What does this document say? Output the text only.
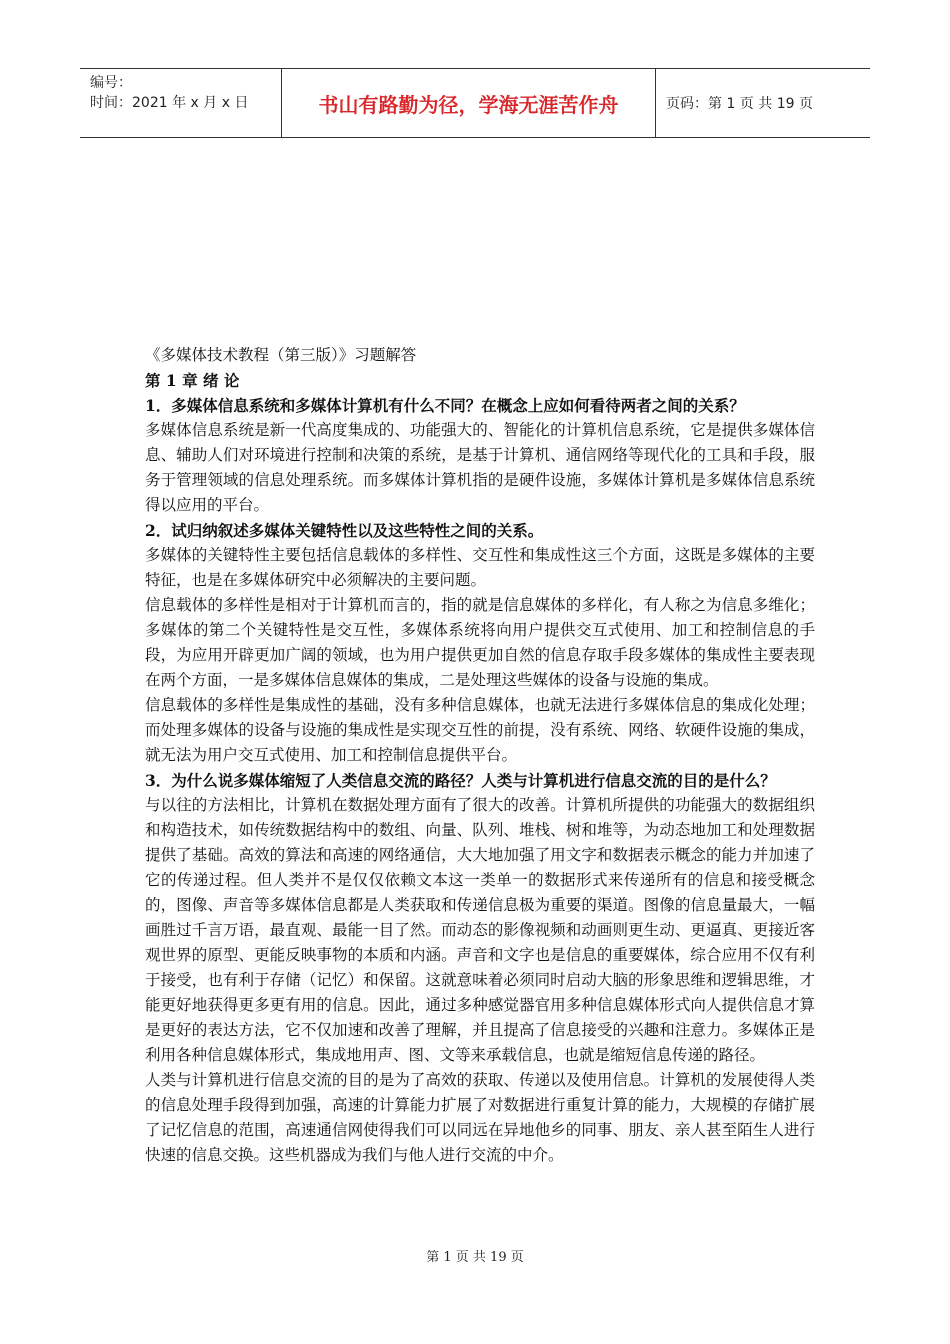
编号：
时间：2021 年 x 月 x 日	书山有路勤为径，学海无涯苦作舟	页码：第 1 页 共 19 页

《多媒体技术教程（第三版）》习题解答

第 1 章 绪 论

1．多媒体信息系统和多媒体计算机有什么不同？在概念上应如何看待两者之间的关系？

多媒体信息系统是新一代高度集成的、功能强大的、智能化的计算机信息系统，它是提供多媒体信息、辅助人们对环境进行控制和决策的系统，是基于计算机、通信网络等现代化的工具和手段，服务于管理领域的信息处理系统。而多媒体计算机指的是硬件设施，多媒体计算机是多媒体信息系统得以应用的平台。

2．试归纳叙述多媒体关键特性以及这些特性之间的关系。

多媒体的关键特性主要包括信息载体的多样性、交互性和集成性这三个方面，这既是多媒体的主要特征，也是在多媒体研究中必须解决的主要问题。

信息载体的多样性是相对于计算机而言的，指的就是信息媒体的多样化，有人称之为信息多维化；多媒体的第二个关键特性是交互性，多媒体系统将向用户提供交互式使用、加工和控制信息的手段，为应用开辟更加广阔的领域，也为用户提供更加自然的信息存取手段多媒体的集成性主要表现在两个方面，一是多媒体信息媒体的集成，二是处理这些媒体的设备与设施的集成。

信息载体的多样性是集成性的基础，没有多种信息媒体，也就无法进行多媒体信息的集成化处理；而处理多媒体的设备与设施的集成性是实现交互性的前提，没有系统、网络、软硬件设施的集成，就无法为用户交互式使用、加工和控制信息提供平台。

3．为什么说多媒体缩短了人类信息交流的路径？人类与计算机进行信息交流的目的是什么？

与以往的方法相比，计算机在数据处理方面有了很大的改善。计算机所提供的功能强大的数据组织和构造技术，如传统数据结构中的数组、向量、队列、堆栈、树和堆等，为动态地加工和处理数据提供了基础。高效的算法和高速的网络通信，大大地加强了用文字和数据表示概念的能力并加速了它的传递过程。但人类并不是仅仅依赖文本这一类单一的数据形式来传递所有的信息和接受概念的，图像、声音等多媒体信息都是人类获取和传递信息极为重要的渠道。图像的信息量最大，一幅画胜过千言万语，最直观、最能一目了然。而动态的影像视频和动画则更生动、更逼真、更接近客观世界的原型、更能反映事物的本质和内涵。声音和文字也是信息的重要媒体，综合应用不仅有利于接受，也有利于存储（记忆）和保留。这就意味着必须同时启动大脑的形象思维和逻辑思维，才能更好地获得更多更有用的信息。因此，通过多种感觉器官用多种信息媒体形式向人提供信息才算是更好的表达方法，它不仅加速和改善了理解，并且提高了信息接受的兴趣和注意力。多媒体正是利用各种信息媒体形式，集成地用声、图、文等来承载信息，也就是缩短信息传递的路径。

人类与计算机进行信息交流的目的是为了高效的获取、传递以及使用信息。计算机的发展使得人类的信息处理手段得到加强，高速的计算能力扩展了对数据进行重复计算的能力，大规模的存储扩展了记忆信息的范围，高速通信网使得我们可以同远在异地他乡的同事、朋友、亲人甚至陌生人进行快速的信息交换。这些机器成为我们与他人进行交流的中介。

第 1 页 共 19 页
